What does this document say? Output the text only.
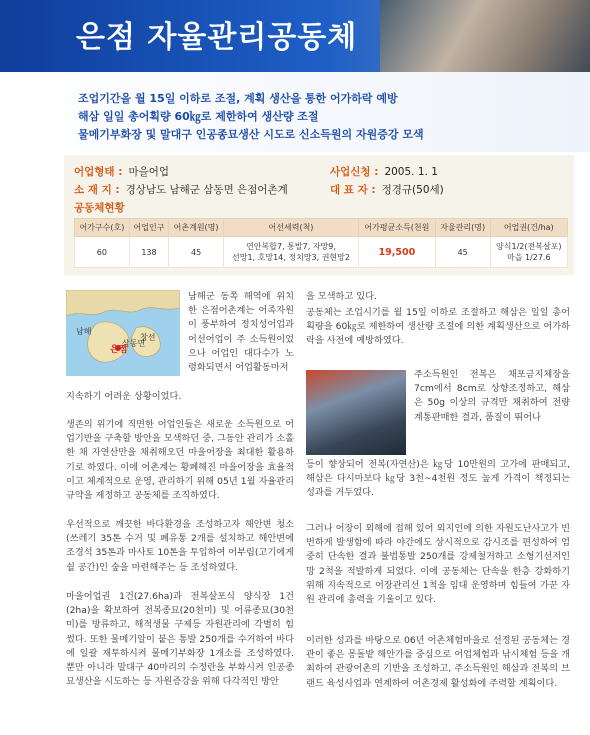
은점 자율관리공동체
조업기간을 월 15일 이하로 조절, 계획 생산을 통한 어가하락 예방
해삼 일일 총어획량 60㎏로 제한하여 생산량 조절
물메기부화장 및 말대구 인공종묘생산 시도로 신소득원의 자원증강 모색
어업형태 : 마을어업	사업신청 : 2005. 1. 1
소 재 지 : 경상남도 남해군 삼동면 은점어촌계	대 표 자 : 정경규(50세)
공동체현황
어가구수(호)	어업인구	어촌계원(명)	어선세력(척)	어가평균소득(천원	자율관리(명)	어업권(건/ha)
60	138	45	연안복합7, 통발7, 자망9,
선망1, 호망14, 정치망3, 권현망2	19,500	45	양식1/2(전복살포)
마을 1/27.6
남해
창선
삼동면
은점

남해군 동쪽 해역에 위치한 은점어촌계는 어족자원이 풍부하여 정치성어업과 어선어업이 주 소득원이었으나 어업인 대다수가 노령화되면서 어업활동마저

지속하기 어려운 상황이었다.

생존의 위기에 직면한 어업인들은 새로운 소득원으로 어업기반을 구축할 방안을 모색하던 중, 그동안 관리가 소홀한 채 자연산만을 채취해오던 마을어장을 최대한 활용하기로 하였다. 이에 어촌계는 황폐해진 마을어장을 효율적이고 체계적으로 운영, 관리하기 위해 05년 1월 자율관리규약을 제정하고 공동체를 조직하였다.

우선적으로 깨끗한 바다환경을 조성하고자 해안변 청소(쓰레기 35톤 수거 및 폐유통 2개를 설치하고 해안변에 조경석 35톤과 마사토 10톤을 투입하여 어부림(고기에게 쉴 공간)인 숲을 마련해주는 등 조성하였다.

마을어업권 1건(27.6ha)과 전복살포식 양식장 1건(2ha)을 확보하여 전복종묘(20천미) 및 어류종묘(30천미)를 방류하고, 해적생물 구제등 자원관리에 각별히 힘썼다. 또한 물메기알이 붙은 통발 250개를 수거하여 바다에 일괄 재투하시켜 물메기부화장 1개소를 조성하였다. 뿐만 아니라 말대구 40마리의 수정란을 부화시켜 인공종묘생산을 시도하는 등 자원증강을 위해 다각적인 방안

을 모색하고 있다.

공동체는 조업시기를 월 15일 이하로 조절하고 해삼은 일일 총어획량을 60㎏로 제한하여 생산량 조절에 의한 계획생산으로 어가하락을 사전에 예방하였다.

주소득원인 전복은 채포금지체장을 7cm에서 8cm로 상향조정하고, 해삼은 50g 이상의 규격만 채취하여 전량 계통판매한 결과, 품질이 뛰어나

등이 향상되어 전복(자연산)은 ㎏당 10만원의 고가에 판매되고, 해삼은 다시마보다 ㎏당 3천~4천원 정도 높게 가격이 책정되는 성과를 거두었다.

그러나 어장이 외해에 접해 있어 외지인에 의한 자원도난사고가 빈번하게 발생함에 따라 야간에도 상시적으로 감시조를 편성하여 엄중히 단속한 결과 불법통발 250개를 강제철거하고 소형기선저인망 2척을 적발하게 되었다. 이에 공동체는 단속을 한층 강화하기 위해 지속적으로 어장관리선 1척을 임대 운영하며 힘들여 가꾼 자원 관리에 총력을 기울이고 있다.

이러한 성과를 바탕으로 06년 어촌체험마을로 선정된 공동체는 경관이 좋은 몽돌밭 해안가를 중심으로 어업체험과 낚시체험 등을 개최하여 관광어촌의 기반을 조성하고, 주소득원인 해삼과 전복의 브랜드 육성사업과 연계하여 어촌경제 활성화에 주력할 계획이다.
